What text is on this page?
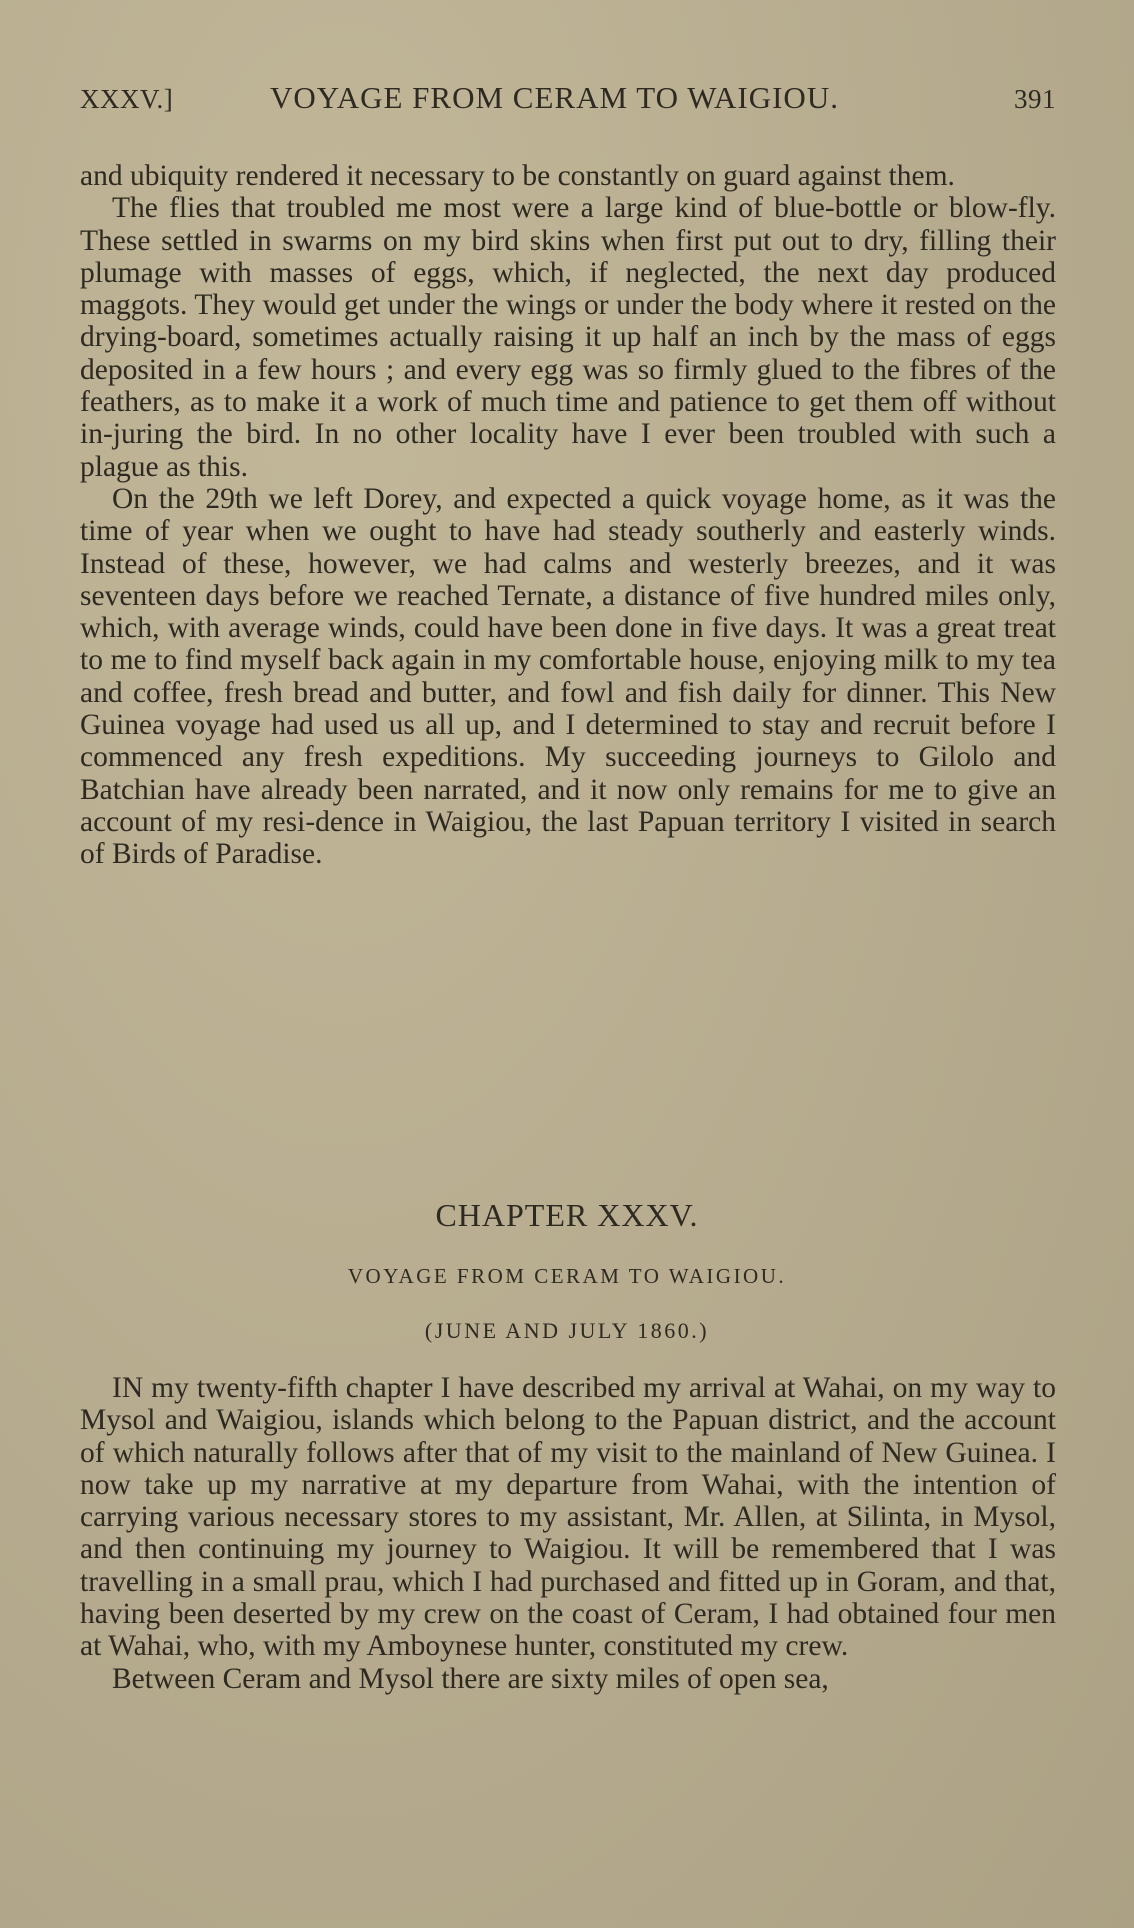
XXXV.]	VOYAGE FROM CERAM TO WAIGIOU.	391

and ubiquity rendered it necessary to be constantly on guard against them.

The flies that troubled me most were a large kind of blue-bottle or blow-fly. These settled in swarms on my bird skins when first put out to dry, filling their plumage with masses of eggs, which, if neglected, the next day produced maggots. They would get under the wings or under the body where it rested on the drying-board, sometimes actually raising it up half an inch by the mass of eggs deposited in a few hours ; and every egg was so firmly glued to the fibres of the feathers, as to make it a work of much time and patience to get them off without in-juring the bird. In no other locality have I ever been troubled with such a plague as this.

On the 29th we left Dorey, and expected a quick voyage home, as it was the time of year when we ought to have had steady southerly and easterly winds. Instead of these, however, we had calms and westerly breezes, and it was seventeen days before we reached Ternate, a distance of five hundred miles only, which, with average winds, could have been done in five days. It was a great treat to me to find myself back again in my comfortable house, enjoying milk to my tea and coffee, fresh bread and butter, and fowl and fish daily for dinner. This New Guinea voyage had used us all up, and I determined to stay and recruit before I commenced any fresh expeditions. My succeeding journeys to Gilolo and Batchian have already been narrated, and it now only remains for me to give an account of my resi-dence in Waigiou, the last Papuan territory I visited in search of Birds of Paradise.

CHAPTER XXXV.
VOYAGE FROM CERAM TO WAIGIOU.
(JUNE AND JULY 1860.)

IN my twenty-fifth chapter I have described my arrival at Wahai, on my way to Mysol and Waigiou, islands which belong to the Papuan district, and the account of which naturally follows after that of my visit to the mainland of New Guinea. I now take up my narrative at my departure from Wahai, with the intention of carrying various necessary stores to my assistant, Mr. Allen, at Silinta, in Mysol, and then continuing my journey to Waigiou. It will be remembered that I was travelling in a small prau, which I had purchased and fitted up in Goram, and that, having been deserted by my crew on the coast of Ceram, I had obtained four men at Wahai, who, with my Amboynese hunter, constituted my crew.

Between Ceram and Mysol there are sixty miles of open sea,
